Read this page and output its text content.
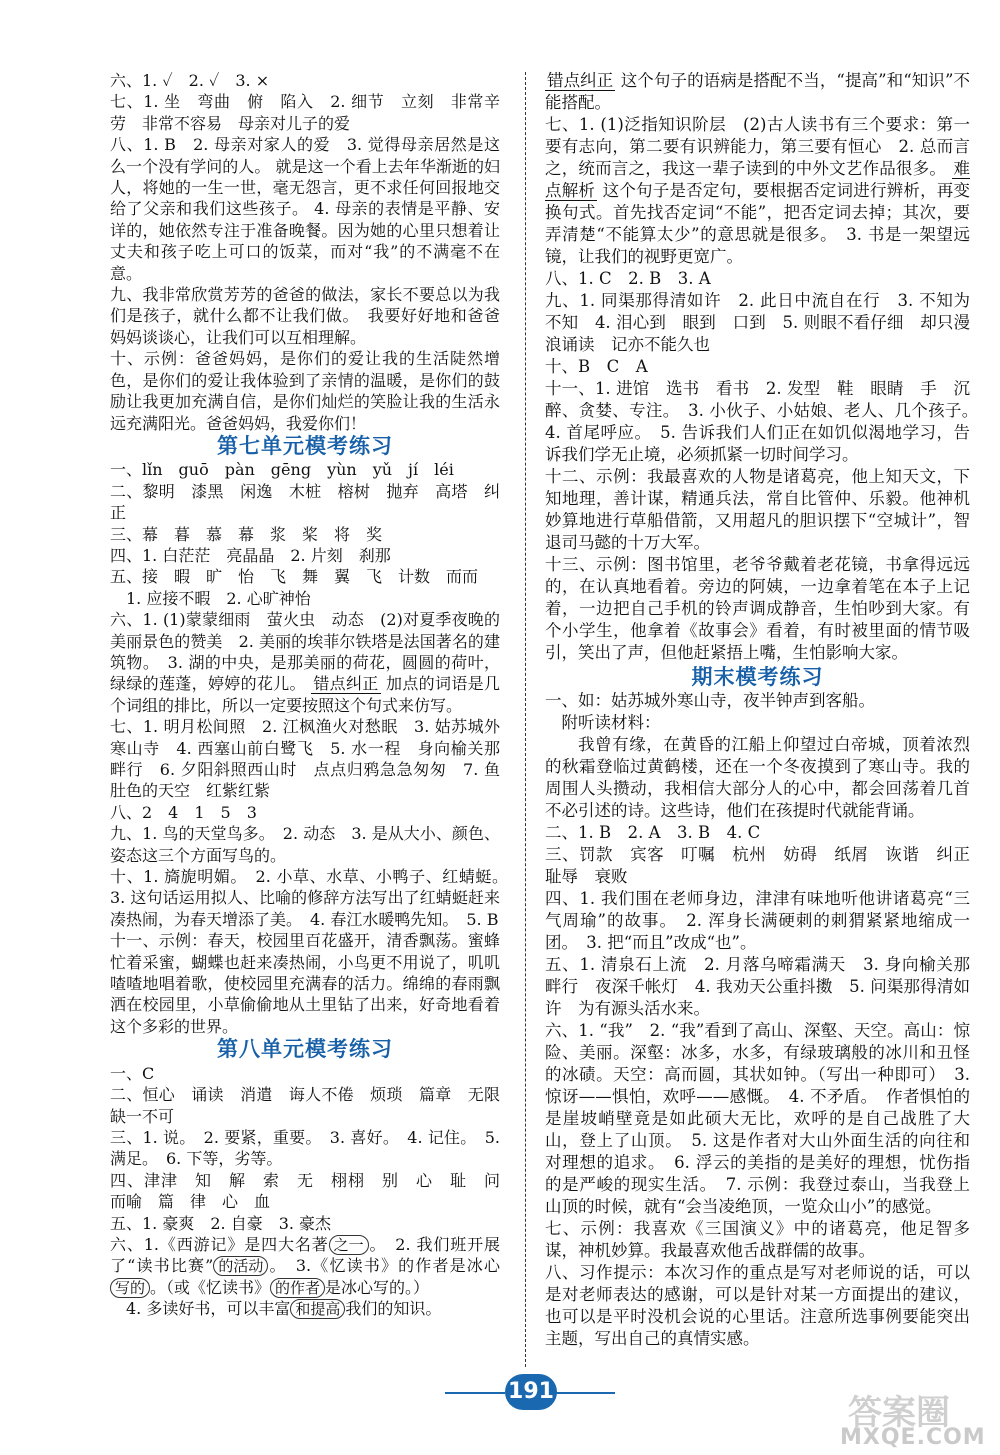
六、1. ✓　2. ✓　3. ×

七、1. 坐　弯曲　俯　陷入　2. 细节　立刻　非常辛劳　非常不容易　母亲对儿子的爱

八、1. B　2. 母亲对家人的爱　3. 觉得母亲居然是这么一个没有学问的人。 就是这一个看上去年华渐逝的妇人，将她的一生一世，毫无怨言，更不求任何回报地交给了父亲和我们这些孩子。 4. 母亲的表情是平静、安详的，她依然专注于准备晚餐。因为她的心里只想着让丈夫和孩子吃上可口的饭菜，而对“我”的不满毫不在意。

九、我非常欣赏芳芳的爸爸的做法，家长不要总以为我们是孩子，就什么都不让我们做。　我要好好地和爸爸妈妈谈谈心，让我们可以互相理解。

十、示例：爸爸妈妈，是你们的爱让我的生活陡然增色，是你们的爱让我体验到了亲情的温暖，是你们的鼓励让我更加充满自信，是你们灿烂的笑脸让我的生活永远充满阳光。爸爸妈妈，我爱你们！

第七单元模考练习

一、lǐn　guō　pàn　gēng　yùn　yǔ　jí　léi

二、黎明　漆黑　闲逸　木桩　榕树　抛弃　高塔　纠正

三、幕　暮　慕　幕　浆　桨　将　奖

四、1. 白茫茫　亮晶晶　2. 片刻　刹那

五、接　暇　旷　怡　飞　舞　翼　飞　计数　而而

1. 应接不暇　2. 心旷神怡

六、1. (1)蒙蒙细雨　萤火虫　动态　(2)对夏季夜晚的美丽景色的赞美　2. 美丽的埃菲尔铁塔是法国著名的建筑物。　3. 湖的中央，是那美丽的荷花，圆圆的荷叶，绿绿的莲蓬，婷婷的花儿。 错点纠正 加点的词语是几个词组的排比，所以一定要按照这个句式来仿写。

七、1. 明月松间照　2. 江枫渔火对愁眠　3. 姑苏城外寒山寺　4. 西塞山前白鹭飞　5. 水一程　身向榆关那畔行　6. 夕阳斜照西山时　点点归鸦急急匆匆　7. 鱼肚色的天空　红紫红紫

八、2　4　1　5　3

九、1. 鸟的天堂鸟多。　2. 动态　3. 是从大小、颜色、姿态这三个方面写鸟的。

十、1. 旖旎明媚。　2. 小草、水草、小鸭子、红蜻蜓。　3. 这句话运用拟人、比喻的修辞方法写出了红蜻蜓赶来凑热闹，为春天增添了美。　4. 春江水暖鸭先知。　5. B

十一、示例：春天，校园里百花盛开，清香飘荡。蜜蜂忙着采蜜，蝴蝶也赶来凑热闹，小鸟更不用说了，叽叽喳喳地唱着歌，使校园里充满春的活力。绵绵的春雨飘洒在校园里，小草偷偷地从土里钻了出来，好奇地看着这个多彩的世界。

第八单元模考练习

一、C

二、恒心　诵读　消遣　诲人不倦　烦琐　篇章　无限　缺一不可

三、1. 说。　2. 要紧，重要。　3. 喜好。　4. 记住。　5. 满足。　6. 下等，劣等。

四、津津　知　解　索　无　栩栩　别　心　耻　问　而喻　篇　律　心　血

五、1. 豪爽　2. 自豪　3. 豪杰

六、1.《西游记》是四大名著 之一 。　2. 我们班开展了“读书比赛” 的活动 。　3.《忆读书》的作者是冰心写的 。（或《忆读书》 的作者 是冰心写的。）

4. 多读好书，可以丰富 和提高 我们的知识。

错点纠正 这个句子的语病是搭配不当，“提高”和“知识”不能搭配。

七、1. (1)泛指知识阶层　(2)古人读书有三个要求：第一要有志向，第二要有识辨能力，第三要有恒心　2. 总而言之，统而言之，我这一辈子读到的中外文艺作品很多。 难点解析 这个句子是否定句，要根据否定词进行辨析，再变换句式。首先找否定词“不能”，把否定词去掉；其次，要弄清楚“不能算太少”的意思就是很多。　3. 书是一架望远镜，让我们的视野更宽广。

八、1. C　2. B　3. A

九、1. 同渠那得清如许　2. 此日中流自在行　3. 不知为不知　4. 泪心到　眼到　口到　5. 则眼不看仔细　却只漫浪诵读　记亦不能久也

十、B　C　A

十一、1. 进馆　选书　看书　2. 发型　鞋　眼睛　手　沉醉、贪婪、专注。　3. 小伙子、小姑娘、老人、几个孩子。　4. 首尾呼应。　5. 告诉我们人们正在如饥似渴地学习，告诉我们学无止境，必须抓紧一切时间学习。

十二、示例：我最喜欢的人物是诸葛亮，他上知天文，下知地理，善计谋，精通兵法，常自比管仲、乐毅。他神机妙算地进行草船借箭，又用超凡的胆识摆下“空城计”，智退司马懿的十万大军。

十三、示例：图书馆里，老爷爷戴着老花镜，书拿得远远的，在认真地看着。旁边的阿姨，一边拿着笔在本子上记着，一边把自己手机的铃声调成静音，生怕吵到大家。有个小学生，他拿着《故事会》看着，有时被里面的情节吸引，笑出了声，但他赶紧捂上嘴，生怕影响大家。

期末模考练习

一、如：姑苏城外寒山寺，夜半钟声到客船。

附听读材料：

我曾有缘，在黄昏的江船上仰望过白帝城，顶着浓烈的秋霜登临过黄鹤楼，还在一个冬夜摸到了寒山寺。我的周围人头攒动，我相信大部分人的心中，都会回荡着几首不必引述的诗。这些诗，他们在孩提时代就能背诵。

二、1. B　2. A　3. B　4. C

三、罚款　宾客　叮嘱　杭州　妨碍　纸屑　诙谐　纠正　耻辱　衰败

四、1. 我们围在老师身边，津津有味地听他讲诸葛亮“三气周瑜”的故事。　2. 浑身长满硬刺的刺猬紧紧地缩成一团。　3. 把“而且”改成“也”。

五、1. 清泉石上流　2. 月落乌啼霜满天　3. 身向榆关那畔行　夜深千帐灯　4. 我劝天公重抖擞　5. 问渠那得清如许　为有源头活水来。

六、1. “我”　2. “我”看到了高山、深壑、天空。高山：惊险、美丽。深壑：冰多，水多，有绿玻璃般的冰川和丑怪的冰碛。天空：高而圆，其状如钟。（写出一种即可）　3. 惊讶——惧怕，欢呼——感慨。　4. 不矛盾。　作者惧怕的是崖坡峭壁竟是如此硕大无比，欢呼的是自己战胜了大山，登上了山顶。　5. 这是作者对大山外面生活的向往和对理想的追求。　6. 浮云的美指的是美好的理想，忧伤指的是严峻的现实生活。　7. 示例：我登过泰山，当我登上山顶的时候，就有“会当凌绝顶，一览众山小”的感觉。

七、示例：我喜欢《三国演义》中的诸葛亮，他足智多谋，神机妙算。我最喜欢他舌战群儒的故事。

八、习作提示：本次习作的重点是写对老师说的话，可以是对老师表达的感谢，可以是针对某一方面提出的建议，也可以是平时没机会说的心里话。注意所选事例要能突出主题，写出自己的真情实感。

191
答案圈
MXQE.COM
